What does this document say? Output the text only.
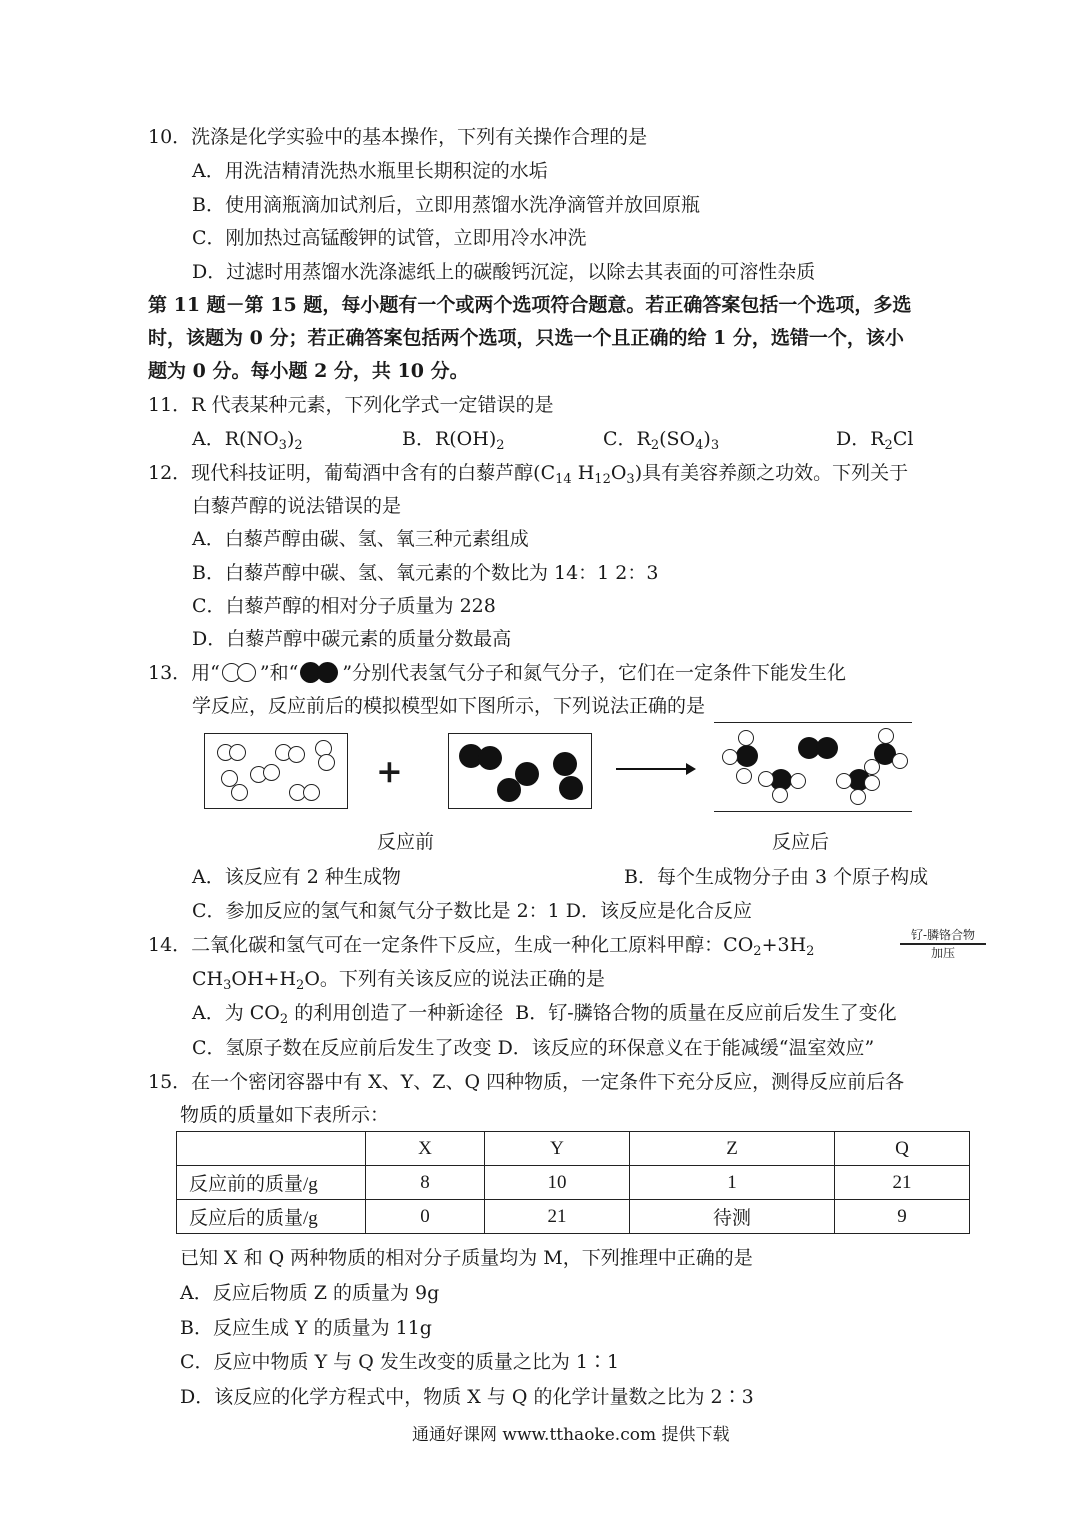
10．洗涤是化学实验中的基本操作，下列有关操作合理的是
A．用洗洁精清洗热水瓶里长期积淀的水垢
B．使用滴瓶滴加试剂后，立即用蒸馏水洗净滴管并放回原瓶
C．刚加热过高锰酸钾的试管，立即用冷水冲洗
D．过滤时用蒸馏水洗涤滤纸上的碳酸钙沉淀，以除去其表面的可溶性杂质
第 11 题－第 15 题，每小题有一个或两个选项符合题意。若正确答案包括一个选项，多选
时，该题为 0 分；若正确答案包括两个选项，只选一个且正确的给 1 分，选错一个，该小
题为 0 分。每小题 2 分，共 10 分。
11．R 代表某种元素，下列化学式一定错误的是
A．$R(NO_3)_2$	B．$R(OH)_2$	C．$R_2(SO_4)_3$	D．$R_2Cl$
12．现代科技证明，葡萄酒中含有的白藜芦醇($C_{14}$ $H_{12}O_3$)具有美容养颜之功效。下列关于
白藜芦醇的说法错误的是
A．白藜芦醇由碳、氢、氧三种元素组成
B．白藜芦醇中碳、氢、氧元素的个数比为 14：1 2：3
C．白藜芦醇的相对分子质量为 228
D．白藜芦醇中碳元素的质量分数最高
13．用“ ”和“ ”分别代表氢气分子和氮气分子，它们在一定条件下能发生化
学反应，反应前后的模拟模型如下图所示，下列说法正确的是
+
反应前	反应后
A．该反应有 2 种生成物	B．每个生成物分子由 3 个原子构成
C．参加反应的氢气和氮气分子数比是 2：1 D．该反应是化合反应
14．二氧化碳和氢气可在一定条件下反应，生成一种化工原料甲醇：$CO_2+3H_2$
钌-膦铬合物
加压
$CH_3OH+H_2O$。下列有关该反应的说法正确的是
A．为 $CO_2$ 的利用创造了一种新途径  B．钌-膦铬合物的质量在反应前后发生了变化
C．氢原子数在反应前后发生了改变 D．该反应的环保意义在于能减缓“温室效应”
15．在一个密闭容器中有 X、Y、Z、Q 四种物质，一定条件下充分反应，测得反应前后各
物质的质量如下表所示：
	X	Y	Z	Q
反应前的质量/g	8	10	1	21
反应后的质量/g	0	21	待测	9
已知 X 和 Q 两种物质的相对分子质量均为 M，下列推理中正确的是
A．反应后物质 Z 的质量为 9g
B．反应生成 Y 的质量为 11g
C．反应中物质 Y 与 Q 发生改变的质量之比为 1∶1
D．该反应的化学方程式中，物质 X 与 Q 的化学计量数之比为 2∶3
通通好课网 www.tthaoke.com 提供下载
